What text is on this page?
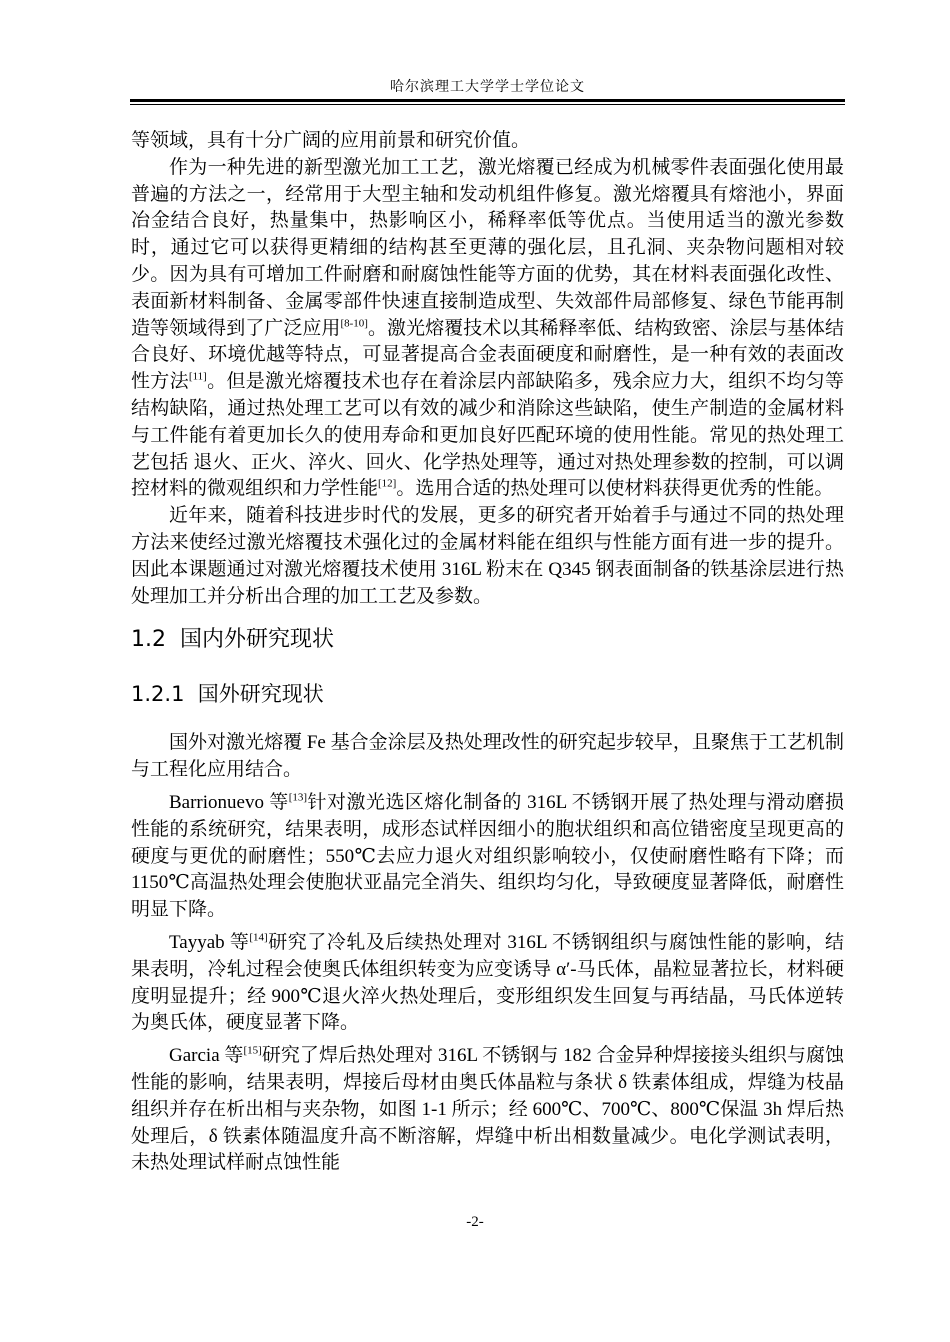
哈尔滨理工大学学士学位论文

等领域，具有十分广阔的应用前景和研究价值。

作为一种先进的新型激光加工工艺，激光熔覆已经成为机械零件表面强化使用最普遍的方法之一，经常用于大型主轴和发动机组件修复。激光熔覆具有熔池小，界面冶金结合良好，热量集中，热影响区小，稀释率低等优点。当使用适当的激光参数时，通过它可以获得更精细的结构甚至更薄的强化层，且孔洞、夹杂物问题相对较少。因为具有可增加工件耐磨和耐腐蚀性能等方面的优势，其在材料表面强化改性、表面新材料制备、金属零部件快速直接制造成型、失效部件局部修复、绿色节能再制造等领域得到了广泛应用[8-10]。激光熔覆技术以其稀释率低、结构致密、涂层与基体结合良好、环境优越等特点，可显著提高合金表面硬度和耐磨性，是一种有效的表面改性方法[11]。但是激光熔覆技术也存在着涂层内部缺陷多，残余应力大，组织不均匀等结构缺陷，通过热处理工艺可以有效的减少和消除这些缺陷，使生产制造的金属材料与工件能有着更加长久的使用寿命和更加良好匹配环境的使用性能。常见的热处理工艺包括 退火、正火、淬火、回火、化学热处理等，通过对热处理参数的控制，可以调控材料的微观组织和力学性能[12]。选用合适的热处理可以使材料获得更优秀的性能。

近年来，随着科技进步时代的发展，更多的研究者开始着手与通过不同的热处理方法来使经过激光熔覆技术强化过的金属材料能在组织与性能方面有进一步的提升。因此本课题通过对激光熔覆技术使用 316L 粉末在 Q345 钢表面制备的铁基涂层进行热处理加工并分析出合理的加工工艺及参数。

1.2 国内外研究现状
1.2.1 国外研究现状

国外对激光熔覆 Fe 基合金涂层及热处理改性的研究起步较早，且聚焦于工艺机制与工程化应用结合。

Barrionuevo 等[13]针对激光选区熔化制备的 316L 不锈钢开展了热处理与滑动磨损性能的系统研究，结果表明，成形态试样因细小的胞状组织和高位错密度呈现更高的硬度与更优的耐磨性；550℃去应力退火对组织影响较小，仅使耐磨性略有下降；而 1150℃高温热处理会使胞状亚晶完全消失、组织均匀化，导致硬度显著降低，耐磨性明显下降。

Tayyab 等[14]研究了冷轧及后续热处理对 316L 不锈钢组织与腐蚀性能的影响，结果表明，冷轧过程会使奥氏体组织转变为应变诱导 α′-马氏体，晶粒显著拉长，材料硬度明显提升；经 900℃退火淬火热处理后，变形组织发生回复与再结晶，马氏体逆转为奥氏体，硬度显著下降。

Garcia 等[15]研究了焊后热处理对 316L 不锈钢与 182 合金异种焊接接头组织与腐蚀性能的影响，结果表明，焊接后母材由奥氏体晶粒与条状 δ 铁素体组成，焊缝为枝晶组织并存在析出相与夹杂物，如图 1-1 所示；经 600℃、700℃、800℃保温 3h 焊后热处理后，δ 铁素体随温度升高不断溶解，焊缝中析出相数量减少。电化学测试表明，未热处理试样耐点蚀性能

-2-
